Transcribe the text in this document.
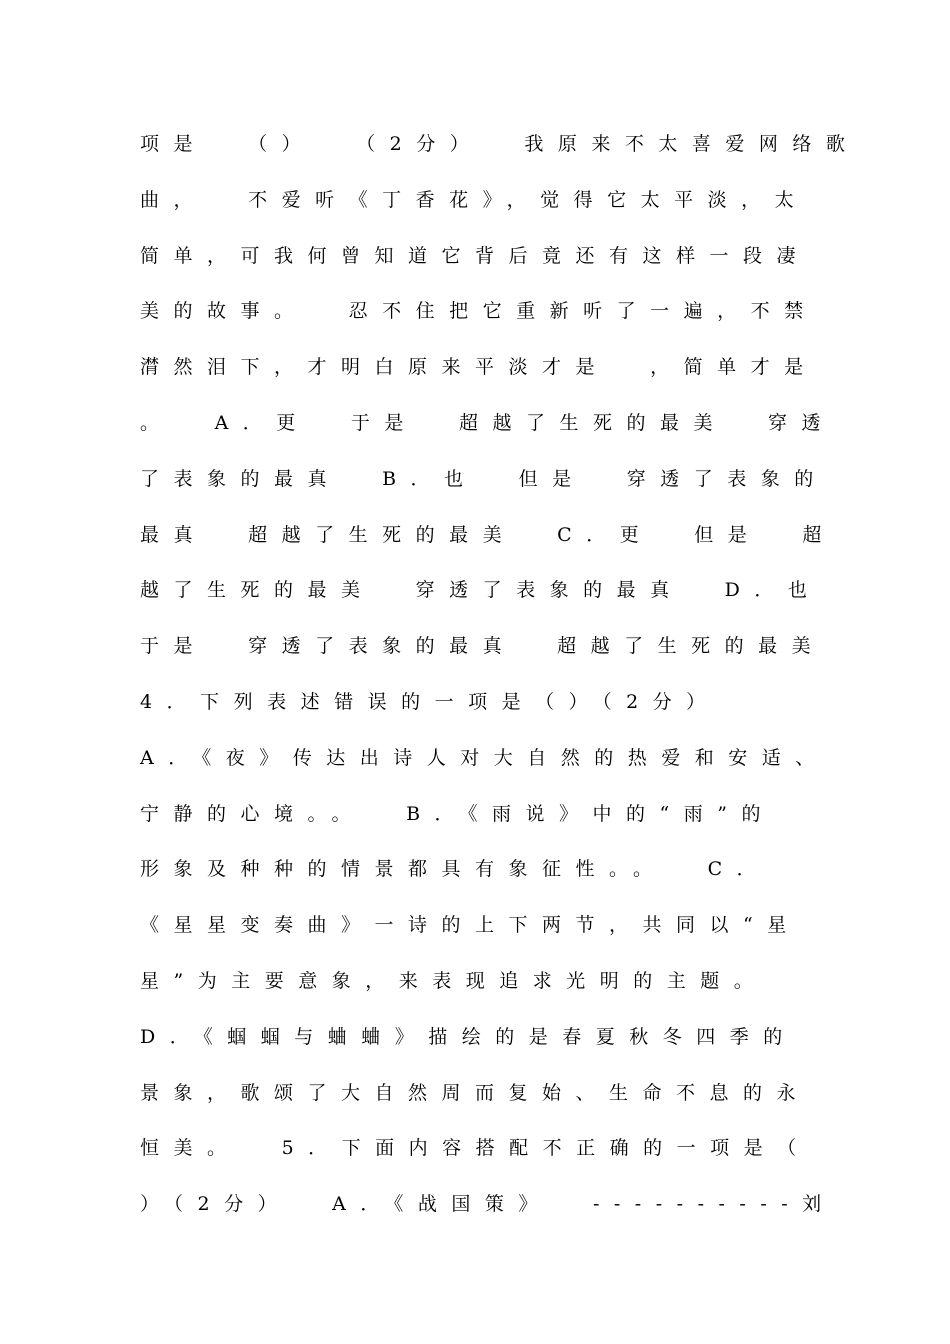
项是  （）  （2分）  我原来不太喜爱网络歌
曲，  不爱听《丁香花》，觉得它太平淡，太
简单，可我何曾知道它背后竟还有这样一段凄
美的故事。  忍不住把它重新听了一遍，不禁
潸然泪下，才明白原来平淡才是  ，简单才是
。  A．更  于是  超越了生死的最美  穿透
了表象的最真  B．也  但是  穿透了表象的
最真  超越了生死的最美  C．更  但是  超
越了生死的最美  穿透了表象的最真  D．也
于是  穿透了表象的最真  超越了生死的最美
4．下列表述错误的一项是（）（2分）
A．《夜》传达出诗人对大自然的热爱和安适、
宁静的心境。。  B．《雨说》中的“雨”的
形象及种种的情景都具有象征性。。  C．
《星星变奏曲》一诗的上下两节，共同以“星
星”为主要意象，来表现追求光明的主题。
D．《蝈蝈与蛐蛐》描绘的是春夏秋冬四季的
景象，歌颂了大自然周而复始、生命不息的永
恒美。  5．下面内容搭配不正确的一项是（
）（2分）  A．《战国策》  ----------刘
